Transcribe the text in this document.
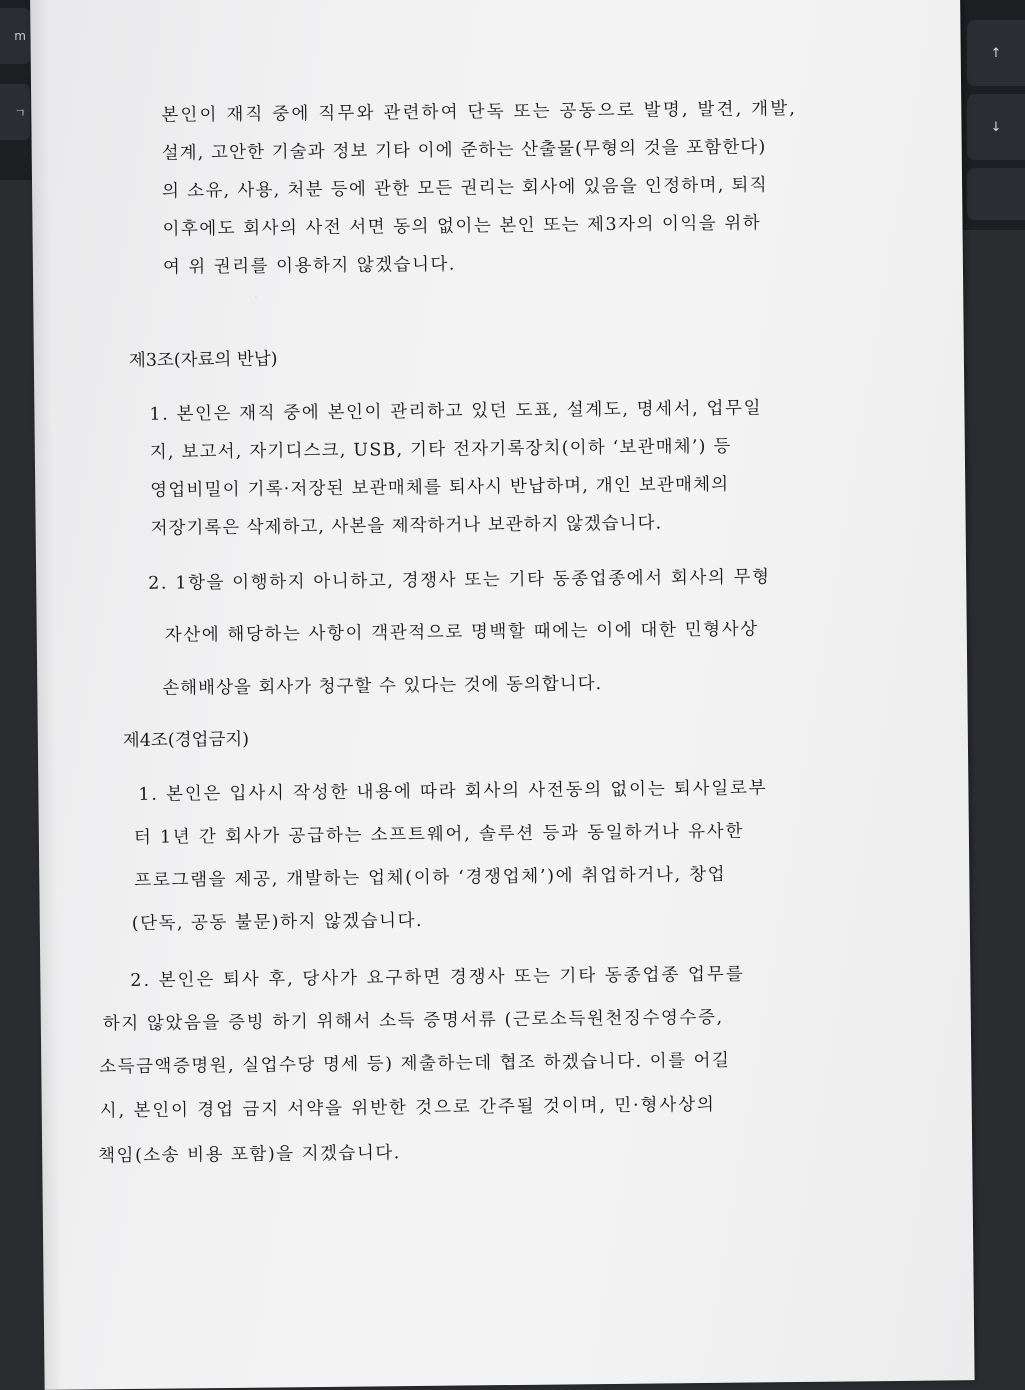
m
ㄱ
↑
↓
본인이 재직 중에 직무와 관련하여 단독 또는 공동으로 발명, 발견, 개발,
설계, 고안한 기술과 정보 기타 이에 준하는 산출물(무형의 것을 포함한다)
의 소유, 사용, 처분 등에 관한 모든 권리는 회사에 있음을 인정하며, 퇴직
이후에도 회사의 사전 서면 동의 없이는 본인 또는 제3자의 이익을 위하
여 위 권리를 이용하지 않겠습니다.
·
제3조(자료의 반납)
1. 본인은 재직 중에 본인이 관리하고 있던 도표, 설계도, 명세서, 업무일
지, 보고서, 자기디스크, USB, 기타 전자기록장치(이하 ‘보관매체’) 등
영업비밀이 기록·저장된 보관매체를 퇴사시 반납하며, 개인 보관매체의
저장기록은 삭제하고, 사본을 제작하거나 보관하지 않겠습니다.
2. 1항을 이행하지 아니하고, 경쟁사 또는 기타 동종업종에서 회사의 무형
자산에 해당하는 사항이 객관적으로 명백할 때에는 이에 대한 민형사상
손해배상을 회사가 청구할 수 있다는 것에 동의합니다.
제4조(경업금지)
1. 본인은 입사시 작성한 내용에 따라 회사의 사전동의 없이는 퇴사일로부
터 1년 간 회사가 공급하는 소프트웨어, 솔루션 등과 동일하거나 유사한
프로그램을 제공, 개발하는 업체(이하 ‘경쟁업체’)에 취업하거나, 창업
(단독, 공동 불문)하지 않겠습니다.
2. 본인은 퇴사 후, 당사가 요구하면 경쟁사 또는 기타 동종업종 업무를
하지 않았음을 증빙 하기 위해서 소득 증명서류 (근로소득원천징수영수증,
소득금액증명원, 실업수당 명세 등) 제출하는데 협조 하겠습니다. 이를 어길
시, 본인이 경업 금지 서약을 위반한 것으로 간주될 것이며, 민·형사상의
책임(소송 비용 포함)을 지겠습니다.
